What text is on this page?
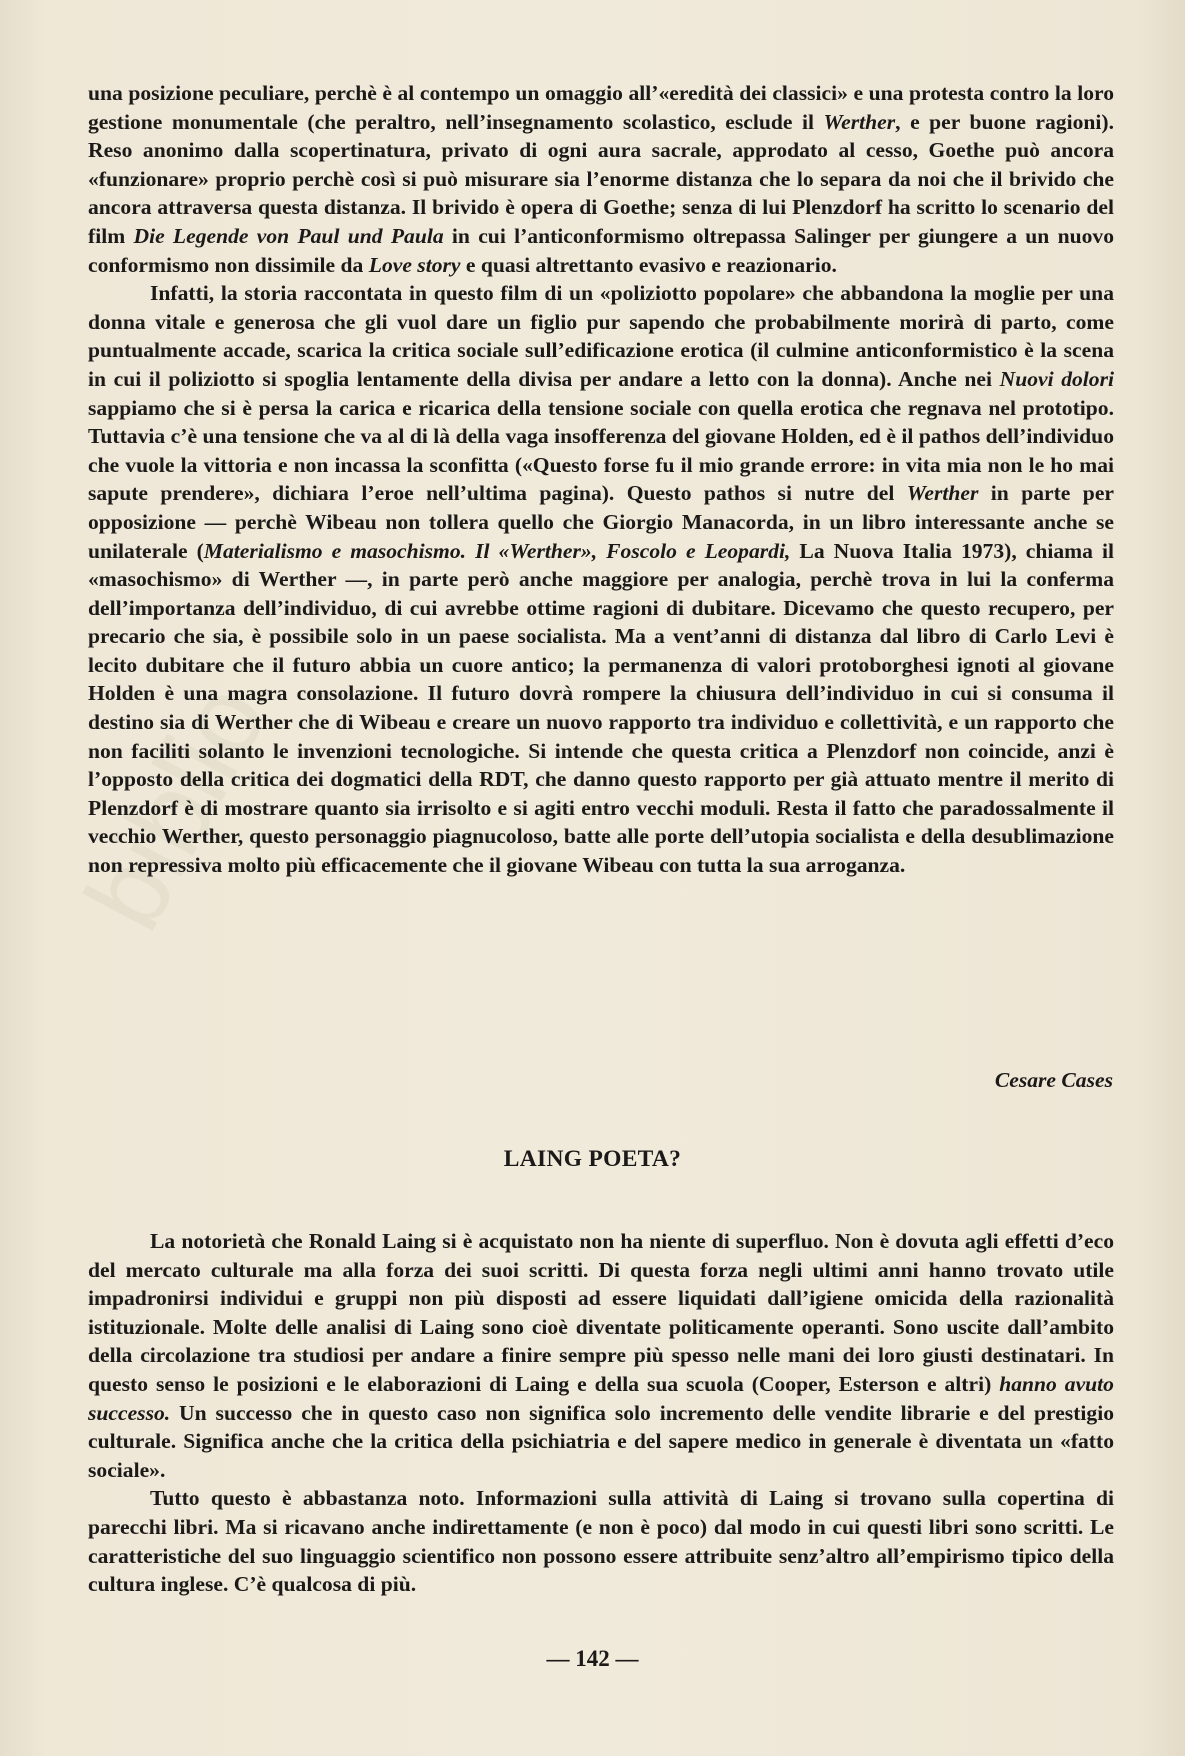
biblio

una posizione peculiare, perchè è al contempo un omaggio all’«eredità dei classici» e una protesta contro la loro gestione monumentale (che peraltro, nell’insegnamento scolastico, esclude il Werther, e per buone ragioni). Reso anonimo dalla scopertinatura, privato di ogni aura sacrale, approdato al cesso, Goethe può ancora «funzionare» proprio perchè così si può misurare sia l’enorme distanza che lo separa da noi che il brivido che ancora attraversa questa distanza. Il brivido è opera di Goethe; senza di lui Plenzdorf ha scritto lo scenario del film Die Legende von Paul und Paula in cui l’anticonformismo oltrepassa Salinger per giungere a un nuovo conformismo non dissimile da Love story e quasi altrettanto evasivo e reazionario.

Infatti, la storia raccontata in questo film di un «poliziotto popolare» che abbandona la moglie per una donna vitale e generosa che gli vuol dare un figlio pur sapendo che probabilmente morirà di parto, come puntualmente accade, scarica la critica sociale sull’edificazione erotica (il culmine anticonformistico è la scena in cui il poliziotto si spoglia lentamente della divisa per andare a letto con la donna). Anche nei Nuovi dolori sappiamo che si è persa la carica e ricarica della tensione sociale con quella erotica che regnava nel prototipo. Tuttavia c’è una tensione che va al di là della vaga insofferenza del giovane Holden, ed è il pathos dell’individuo che vuole la vittoria e non incassa la sconfitta («Questo forse fu il mio grande errore: in vita mia non le ho mai sapute prendere», dichiara l’eroe nell’ultima pagina). Questo pathos si nutre del Werther in parte per opposizione — perchè Wibeau non tollera quello che Giorgio Manacorda, in un libro interessante anche se unilaterale (Materialismo e masochismo. Il «Werther», Foscolo e Leopardi, La Nuova Italia 1973), chiama il «masochismo» di Werther —, in parte però anche maggiore per analogia, perchè trova in lui la conferma dell’importanza dell’individuo, di cui avrebbe ottime ragioni di dubitare. Dicevamo che questo recupero, per precario che sia, è possibile solo in un paese socialista. Ma a vent’anni di distanza dal libro di Carlo Levi è lecito dubitare che il futuro abbia un cuore antico; la permanenza di valori protoborghesi ignoti al giovane Holden è una magra consolazione. Il futuro dovrà rompere la chiusura dell’individuo in cui si consuma il destino sia di Werther che di Wibeau e creare un nuovo rapporto tra individuo e collettività, e un rapporto che non faciliti solanto le invenzioni tecnologiche. Si intende che questa critica a Plenzdorf non coincide, anzi è l’opposto della critica dei dogmatici della RDT, che danno questo rapporto per già attuato mentre il merito di Plenzdorf è di mostrare quanto sia irrisolto e si agiti entro vecchi moduli. Resta il fatto che paradossalmente il vecchio Werther, questo personaggio piagnucoloso, batte alle porte dell’utopia socialista e della desublimazione non repressiva molto più efficacemente che il giovane Wibeau con tutta la sua arroganza.

Cesare Cases

LAING POETA?

La notorietà che Ronald Laing si è acquistato non ha niente di superfluo. Non è dovuta agli effetti d’eco del mercato culturale ma alla forza dei suoi scritti. Di questa forza negli ultimi anni hanno trovato utile impadronirsi individui e gruppi non più disposti ad essere liquidati dall’igiene omicida della razionalità istituzionale. Molte delle analisi di Laing sono cioè diventate politicamente operanti. Sono uscite dall’ambito della circolazione tra studiosi per andare a finire sempre più spesso nelle mani dei loro giusti destinatari. In questo senso le posizioni e le elaborazioni di Laing e della sua scuola (Cooper, Esterson e altri) hanno avuto successo. Un successo che in questo caso non significa solo incremento delle vendite librarie e del prestigio culturale. Significa anche che la critica della psichiatria e del sapere medico in generale è diventata un «fatto sociale».

Tutto questo è abbastanza noto. Informazioni sulla attività di Laing si trovano sulla copertina di parecchi libri. Ma si ricavano anche indirettamente (e non è poco) dal modo in cui questi libri sono scritti. Le caratteristiche del suo linguaggio scientifico non possono essere attribuite senz’altro all’empirismo tipico della cultura inglese. C’è qualcosa di più.

— 142 —
